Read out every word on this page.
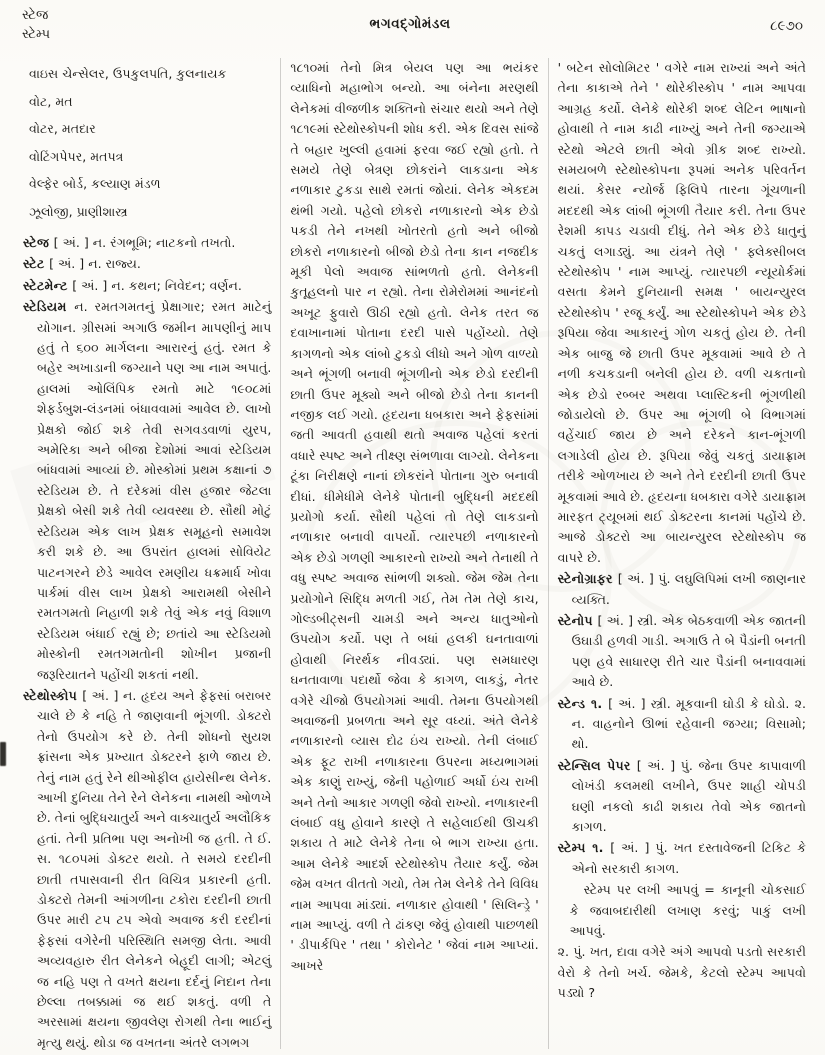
સ્ટેજ
સ્ટેમ્પ
ભગવદ્ગોમંડલ	૮૯૭૦
વાઇસ ચેન્સેલર, ઉપકુલપતિ, કુલનાયક
વોટ, મત
વોટર, મતદાર
વોટિંગપેપર, મતપત્ર
વેલ્ફેર બોર્ડ, કલ્યાણ મંડળ
ઝૂલોજી, પ્રાણીશાસ્ત્ર

સ્ટેજ [ અં. ] ન. રંગભૂમિ; નાટકનો તખતો.

સ્ટેટ [ અં. ] ન. રાજ્ય.

સ્ટેટમેન્ટ [ અં. ] ન. કથન; નિવેદન; વર્ણન.

સ્ટેડિયમ ન. રમતગમતનું પ્રેક્ષાગાર; રમત માટેનું યોગાન. ગ્રીસમાં અગાઉ જમીન માપણીનું માપ હતું તે ૬૦૦ માર્ગલના આરારનું હતું. રમત કે બહેર અખાડાની જગ્યાને પણ આ નામ અપાતું. હાલમાં ઓલિંપિક રમતો માટે ૧૯૦૮માં શેફર્ડબુશ-લંડનમાં બંધાવવામાં આવેલ છે. લાખો પ્રેક્ષકો જોઈ શકે તેવી સગવડવાળાં યુરપ, અમેરિકા અને બીજા દેશોમાં આવાં સ્ટેડિયમ બાંધવામાં આવ્યાં છે. મોસ્કોમાં પ્રથમ કક્ષાનાં ૭ સ્ટેડિયમ છે. તે દરેકમાં વીસ હજાર જેટલા પ્રેક્ષકો બેસી શકે તેવી વ્યવસ્થા છે. સૌથી મોટું સ્ટેડિયમ એક લાખ પ્રેક્ષક સમૂહનો સમાવેશ કરી શકે છે. આ ઉપરાંત હાલમાં સોવિયેટ પાટનગરને છેડે આવેલ રમણીય ધક્રમાર્ધ ખોવા પાર્કમાં વીસ લાખ પ્રેક્ષકો આરામથી બેસીને રમતગમતો નિહાળી શકે તેવું એક નવું વિશાળ સ્ટેડિયમ બંધાઈ રહ્યું છે; છતાંયે આ સ્ટેડિયમો મોસ્કોની રમતગમતોની શોખીન પ્રજાની જરૂરિયાતને પહોંચી શકતાં નથી.

સ્ટેથોસ્કોપ [ અં. ] ન. હૃદય અને ફેફસાં બરાબર ચાલે છે કે નહિ તે જાણવાની ભૂંગળી. ડોક્ટરો તેનો ઉપયોગ કરે છે. તેની શોધનો સુયશ ફ્રાંસના એક પ્રખ્યાત ડોક્ટરને ફાળે જાય છે. તેનું નામ હતું રેને થીઓફીલ હાયેસીન્થ લેનેક. આખી દુનિયા તેને રેને લેનેકના નામથી ઓળખે છે. તેનાં બુદ્ધિચાતુર્ય અને વાક્ચાતુર્ય અલૌકિક હતાં. તેની પ્રતિભા પણ અનોખી જ હતી. તે ઈ. સ. ૧૮૦૫માં ડોક્ટર થયો. તે સમયે દરદીની છાતી તપાસવાની રીત વિચિત્ર પ્રકારની હતી. ડોક્ટરો તેમની આંગળીના ટકોરા દરદીની છાતી ઉપર મારી ટપ ટપ એવો અવાજ કરી દરદીનાં ફેફસાં વગેરેની પરિસ્થિતિ સમજી લેતા. આવી અવ્યવહારુ રીત લેનેકને બેહૂદી લાગી; એટલું જ નહિ પણ તે વખતે ક્ષયના દર્દનું નિદાન તેના છેલ્લા તબક્કામાં જ થઈ શકતું. વળી તે અરસામાં ક્ષયના જીવલેણ રોગથી તેના ભાઈનું મૃત્યુ થયું. થોડા જ વખતના અંતરે લગભગ

૧૮૧૦માં તેનો મિત્ર બેયલ પણ આ ભયંકર વ્યાધિનો મહાભોગ બન્યો. આ બંનેના મરણથી લેનેકમાં વીજળીક શક્તિનો સંચાર થયો અને તેણે ૧૮૧૯માં સ્ટેથોસ્કોપની શોધ કરી. એક દિવસ સાંજે તે બહાર ખુલ્લી હવામાં ફરવા જઈ રહ્યો હતો. તે સમયે તેણે બેત્રણ છોકરાંને લાકડાના એક નળાકાર ટુકડા સાથે રમતાં જોયાં. લેનેક એકદમ થંભી ગયો. પહેલો છોકરો નળાકારનો એક છેડો પકડી તેને નખથી ખોતરતો હતો અને બીજો છોકરો નળાકારનો બીજો છેડો તેના કાન નજદીક મૂકી પેલો અવાજ સાંભળતો હતો. લેનેકની કુતૂહલનો પાર ન રહ્યો. તેના રોમેરોમમાં આનંદનો અખૂટ ફુવારો ઊઠી રહ્યો હતો. લેનેક તરત જ દવાખાનામાં પોતાના દરદી પાસે પહોંચ્યો. તેણે કાગળનો એક લાંબો ટુકડો લીધો અને ગોળ વાળ્યો અને ભૂંગળી બનાવી ભૂંગળીનો એક છેડો દરદીની છાતી ઉપર મૂક્યો અને બીજો છેડો તેના કાનની નજીક લઈ ગયો. હૃદયના ધબકારા અને ફેફસાંમાં જતી આવતી હવાથી થતો અવાજ પહેલાં કરતાં વધારે સ્પષ્ટ અને તીક્ષ્ણ સંભળાવા લાગ્યો. લેનેકના ટૂંકા નિરીક્ષણે નાનાં છોકરાંને પોતાના ગુરુ બનાવી દીધાં. ધીમેધીમે લેનેકે પોતાની બુદ્ધિની મદદથી પ્રયોગો કર્યા. સૌથી પહેલાં તો તેણે લાકડાનો નળાકાર બનાવી વાપર્યો. ત્યારપછી નળાકારનો એક છેડો ગળણી આકારનો રાખ્યો અને તેનાથી તે વધુ સ્પષ્ટ અવાજ સાંભળી શક્યો. જેમ જેમ તેના પ્રયોગોને સિદ્ધિ મળતી ગઈ, તેમ તેમ તેણે કાચ, ગોલ્ડબીટ્સની ચામડી અને અન્ય ધાતુઓનો ઉપયોગ કર્યો. પણ તે બધાં હલકી ઘનતાવાળાં હોવાથી નિરર્થક નીવડ્યાં. પણ સમધારણ ઘનતાવાળા પદાર્થો જેવા કે કાગળ, લાકડું, નેતર વગેરે ચીજો ઉપયોગમાં આવી. તેમના ઉપયોગથી અવાજની પ્રબળતા અને સૂર વધ્યાં. અંતે લેનેકે નળાકારનો વ્યાસ દોઢ ઇંચ રાખ્યો. તેની લંબાઈ એક ફૂટ રાખી નળાકારના ઉપરના મધ્યભાગમાં એક કાણું રાખ્યું, જેની પહોળાઈ અર્ધો ઇંચ રાખી અને તેનો આકાર ગળણી જેવો રાખ્યો. નળાકારની લંબાઈ વધુ હોવાને કારણે તે સહેલાઈથી ઊચકી શકાય તે માટે લેનેકે તેના બે ભાગ રાખ્યા હતા. આમ લેનેકે આદર્શ સ્ટેથોસ્કોપ તૈયાર કર્યું. જેમ જેમ વખત વીતતો ગયો, તેમ તેમ લેનેકે તેને વિવિધ નામ આપવા માંડ્યાં. નળાકાર હોવાથી ' સિલિન્ડ્રે ' નામ આપ્યું. વળી તે ઢાંકણ જેવું હોવાથી પાછળથી ' ડીપાર્કપિર ' તથા ' કોરોનેટ ' જેવાં નામ આપ્યાં. આખરે

' બટેન સોલોમિટર ' વગેરે નામ રાખ્યાં અને અંતે તેના કાકાએ તેને ' થોરેકીસ્કોપ ' નામ આપવા આગ્રહ કર્યો. લેનેકે થોરેકી શબ્દ લેટિન ભાષાનો હોવાથી તે નામ કાઢી નાખ્યું અને તેની જગ્યાએ સ્ટેથો એટલે છાતી એવો ગ્રીક શબ્દ રાખ્યો. સમયબળે સ્ટેથોસ્કોપના રૂપમાં અનેક પરિવર્તન થયાં. કેસર ન્યોર્જ ફિલિપે તારના ગૂંચળાની મદદથી એક લાંબી ભૂંગળી તૈયાર કરી. તેના ઉપર રેશમી કાપડ ચડાવી દીધું. તેને એક છેડે ધાતુનું ચકતું લગાડ્યું. આ યંત્રને તેણે ' ફ્લેક્સીબલ સ્ટેથોસ્કોપ ' નામ આપ્યું. ત્યારપછી ન્યૂયોર્કમાં વસતા કેમને દુનિયાની સમક્ષ ' બાયન્યુરલ સ્ટેથોસ્કોપ ' રજૂ કર્યું. આ સ્ટેથોસ્કોપને એક છેડે રૂપિયા જેવા આકારનું ગોળ ચકતું હોય છે. તેની એક બાજુ જે છાતી ઉપર મૂકવામાં આવે છે તે નળી કચકડાની બનેલી હોય છે. વળી ચકતાનો એક છેડો રબ્બર અથવા પ્લાસ્ટિકની ભૂંગળીથી જોડાયેલો છે. ઉપર આ ભૂંગળી બે વિભાગમાં વહેંચાઈ જાય છે અને દરેકને કાન-ભૂંગળી લગાડેલી હોય છે. રૂપિયા જેવું ચકતું ડાયાફ્રામ તરીકે ઓળખાય છે અને તેને દરદીની છાતી ઉપર મૂકવામાં આવે છે. હૃદયના ધબકારા વગેરે ડાયાફ્રામ મારફત ટ્યૂબમાં થઈ ડોક્ટરના કાનમાં પહોંચે છે. આજે ડોક્ટરો આ બાયન્યુરલ સ્ટેથોસ્કોપ જ વાપરે છે.

સ્ટેનોગ્રાફર [ અં. ] પું. લઘુલિપિમાં લખી જાણનાર વ્યક્તિ.

સ્ટેનોપ [ અં. ] સ્ત્રી. એક બેઠકવાળી એક જાતની ઉઘાડી હળવી ગાડી. અગાઉ તે બે પૈડાંની બનતી પણ હવે સાધારણ રીતે ચાર પૈડાંની બનાવવામાં આવે છે.

સ્ટેન્ડ ૧. [ અં. ] સ્ત્રી. મૂકવાની ઘોડી કે ઘોડો. ૨. ન. વાહનોને ઊભાં રહેવાની જગ્યા; વિસામો; થો.

સ્ટેન્સિલ પેપર [ અં. ] પું. જેના ઉપર કાપાવાળી લોખંડી કલમથી લખીને, ઉપર શાહી ચોપડી ઘણી નકલો કાઢી શકાય તેવો એક જાતનો કાગળ.

સ્ટેમ્પ ૧. [ અં. ] પું. ખત દસ્તાવેજની ટિકિટ કે એનો સરકારી કાગળ.

સ્ટેમ્પ પર લખી આપવું = કાનૂની ચોકસાઈ કે જવાબદારીથી લખાણ કરવું; પાકું લખી આપવું.

૨. પું. ખત, દાવા વગેરે અંગે આપવો પડતો સરકારી વેરો કે તેનો ખર્ચ. જેમકે, કેટલો સ્ટેમ્પ આપવો પડ્યો ?
